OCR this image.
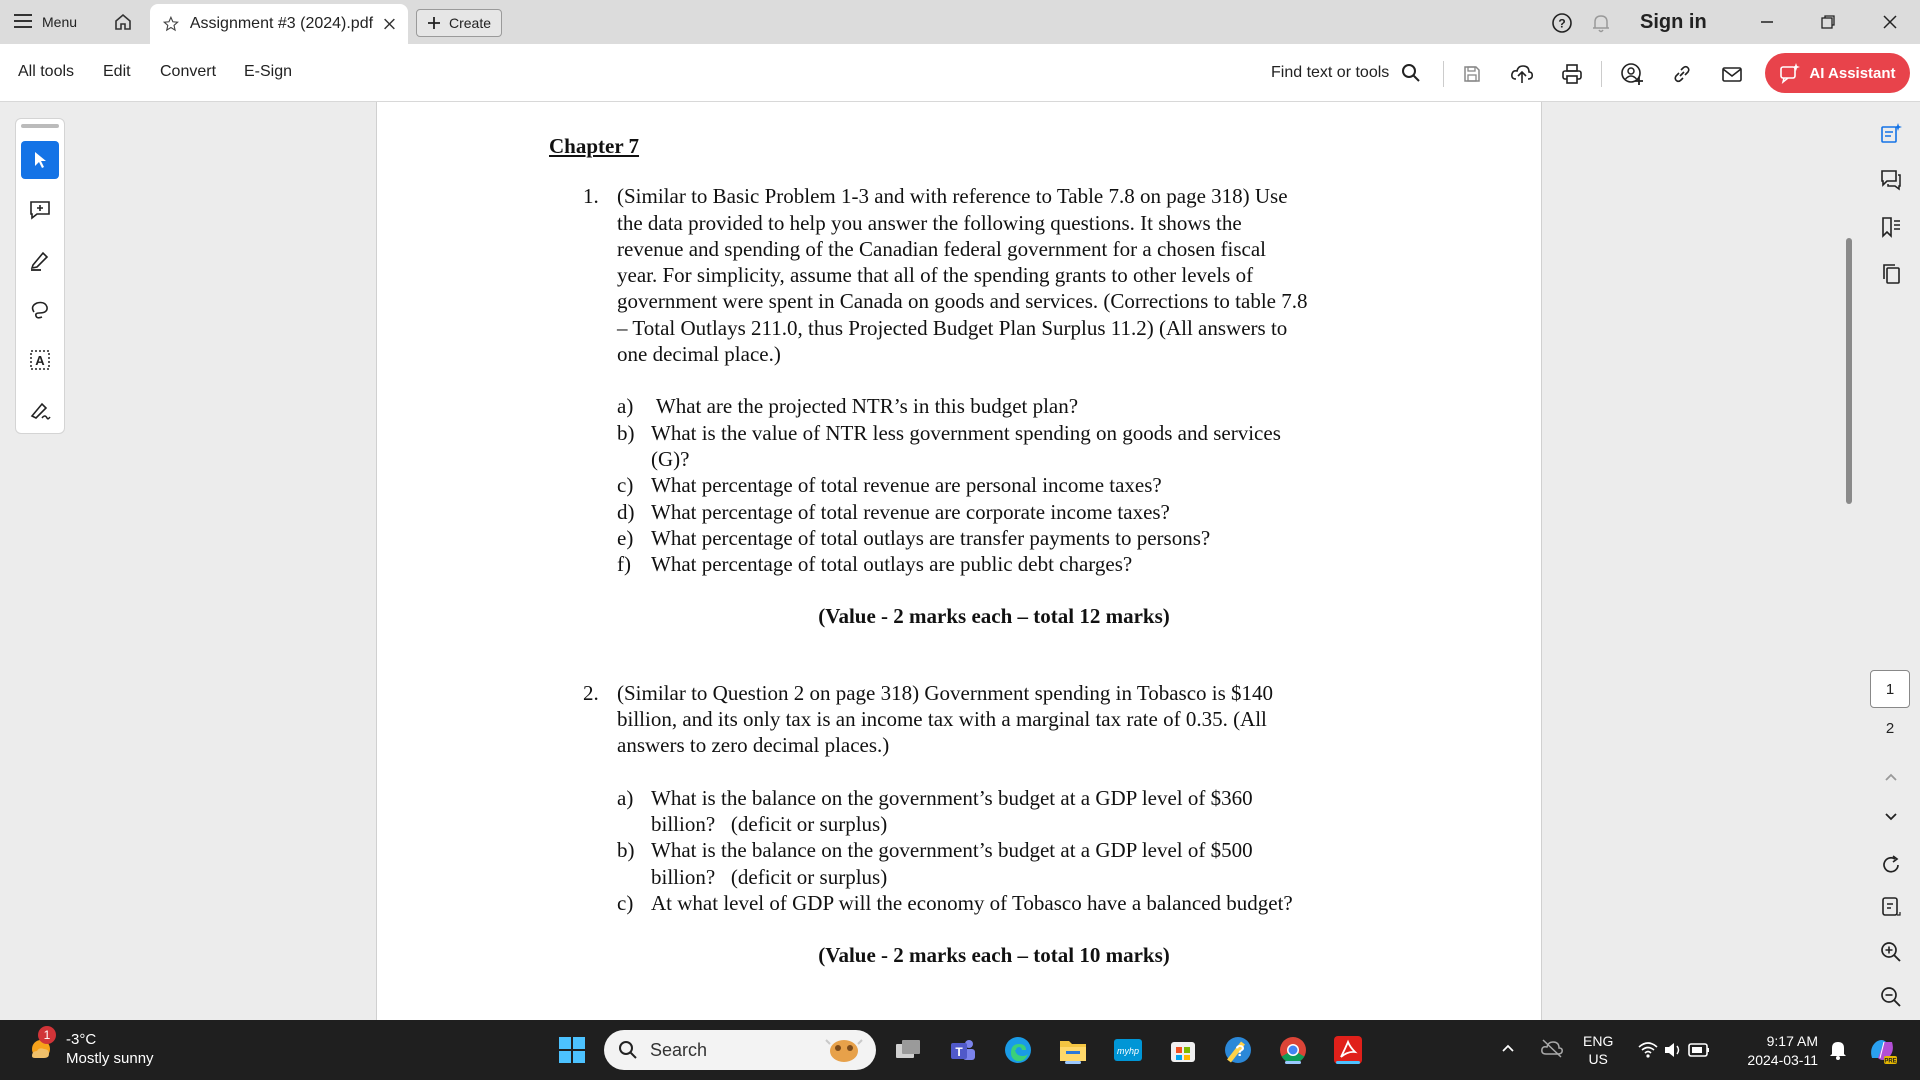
Menu	Assignment #3 (2024).pdf	Create	?	Sign in
All tools Edit Convert E-Sign	Find text or tools	AI Assistant
A
Chapter 7
1. (Similar to Basic Problem 1-3 and with reference to Table 7.8 on page 318) Use
the data provided to help you answer the following questions. It shows the
revenue and spending of the Canadian federal government for a chosen fiscal
year. For simplicity, assume that all of the spending grants to other levels of
government were spent in Canada on goods and services. (Corrections to table 7.8
– Total Outlays 211.0, thus Projected Budget Plan Surplus 11.2) (All answers to
one decimal place.)
a) What are the projected NTR’s in this budget plan?
b) What is the value of NTR less government spending on goods and services
(G)?
c) What percentage of total revenue are personal income taxes?
d) What percentage of total revenue are corporate income taxes?
e) What percentage of total outlays are transfer payments to persons?
f) What percentage of total outlays are public debt charges?
(Value - 2 marks each – total 12 marks)
2. (Similar to Question 2 on page 318) Government spending in Tobasco is $140
billion, and its only tax is an income tax with a marginal tax rate of 0.35. (All
answers to zero decimal places.)
a) What is the balance on the government’s budget at a GDP level of $360
billion?   (deficit or surplus)
b) What is the balance on the government’s budget at a GDP level of $500
billion?   (deficit or surplus)
c) At what level of GDP will the economy of Tobasco have a balanced budget?
(Value - 2 marks each – total 10 marks)
1
2
-3°C
Mostly sunny
1
Search	T	myhp	?
ENG
US
9:17 AM
2024-03-11	PRE
